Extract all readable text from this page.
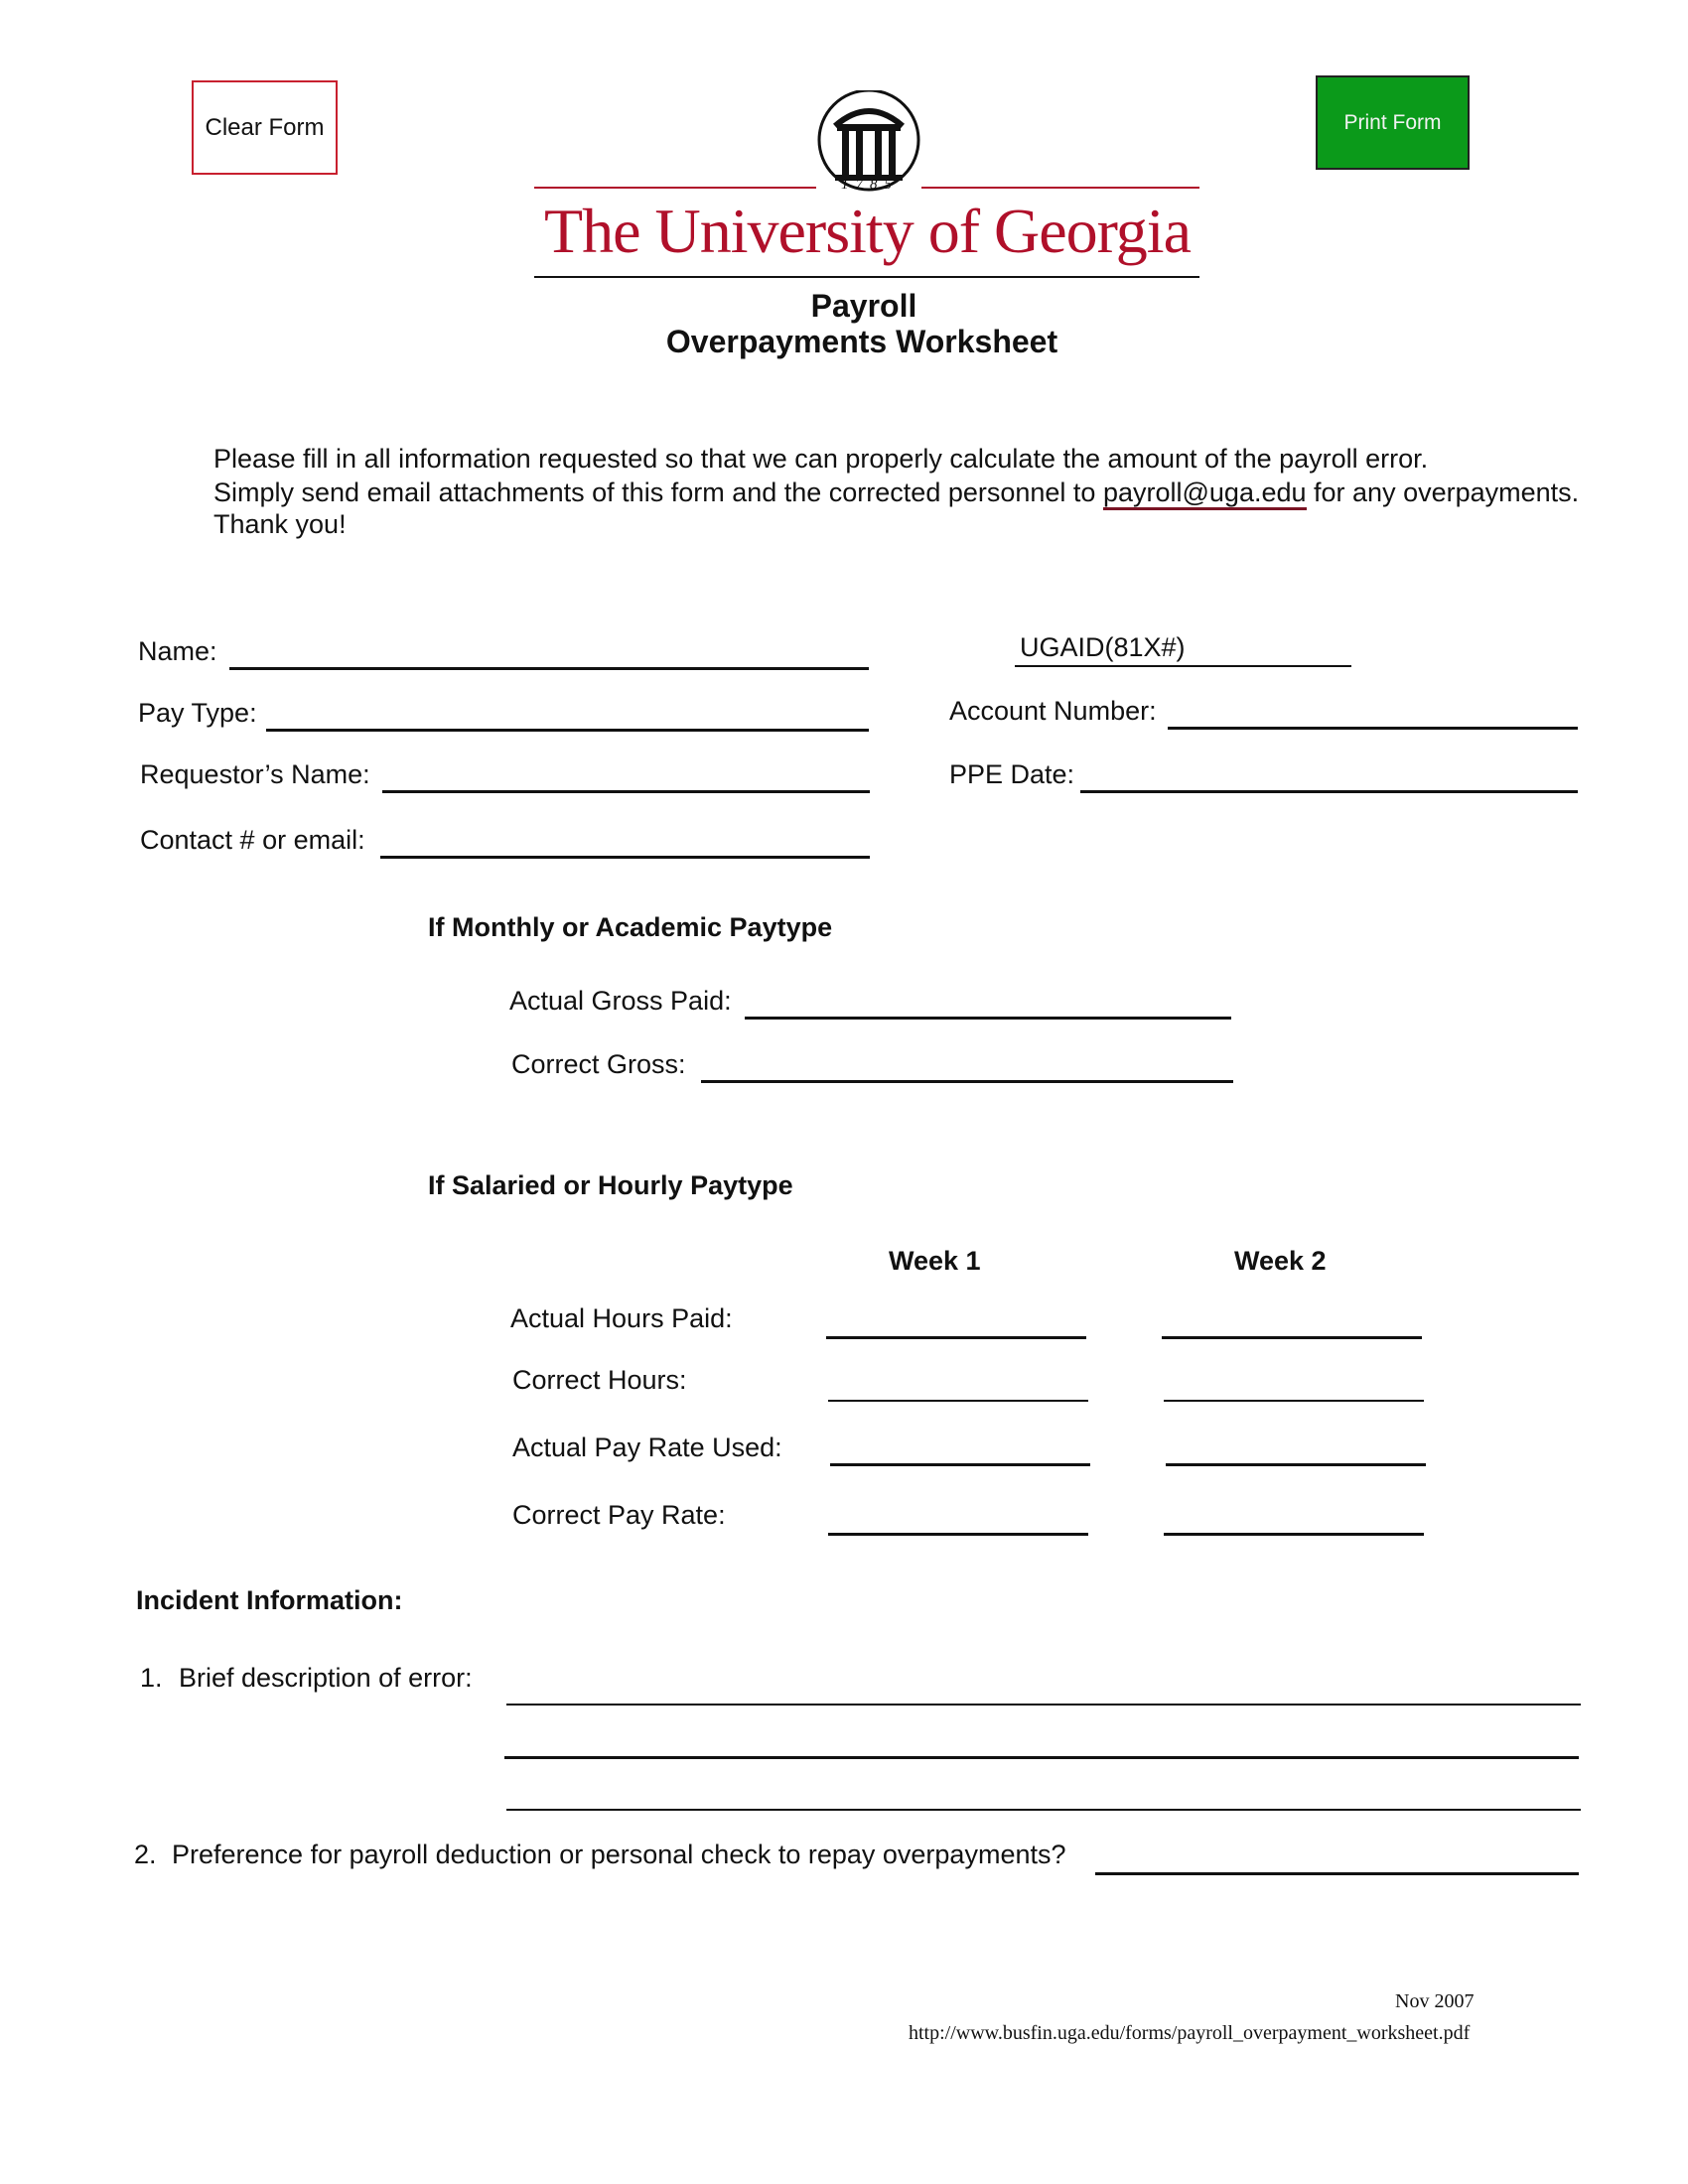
Clear Form	Print Form
1785
The University of Georgia
Payroll
Overpayments Worksheet
Please fill in all information requested so that we can properly calculate the amount of the payroll error.
Simply send email attachments of this form and the corrected personnel to payroll@uga.edu for any overpayments.
Thank you!
Name:	UGAID(81X#)
Pay Type:	Account Number:
Requestor’s Name:	PPE Date:
Contact # or email:
If Monthly or Academic Paytype
Actual Gross Paid:
Correct Gross:
If Salaried or Hourly Paytype
Week 1	Week 2
Actual Hours Paid:
Correct Hours:
Actual Pay Rate Used:
Correct Pay Rate:
Incident Information:
1. Brief description of error:
2. Preference for payroll deduction or personal check to repay overpayments?
Nov 2007
http://www.busfin.uga.edu/forms/payroll_overpayment_worksheet.pdf
